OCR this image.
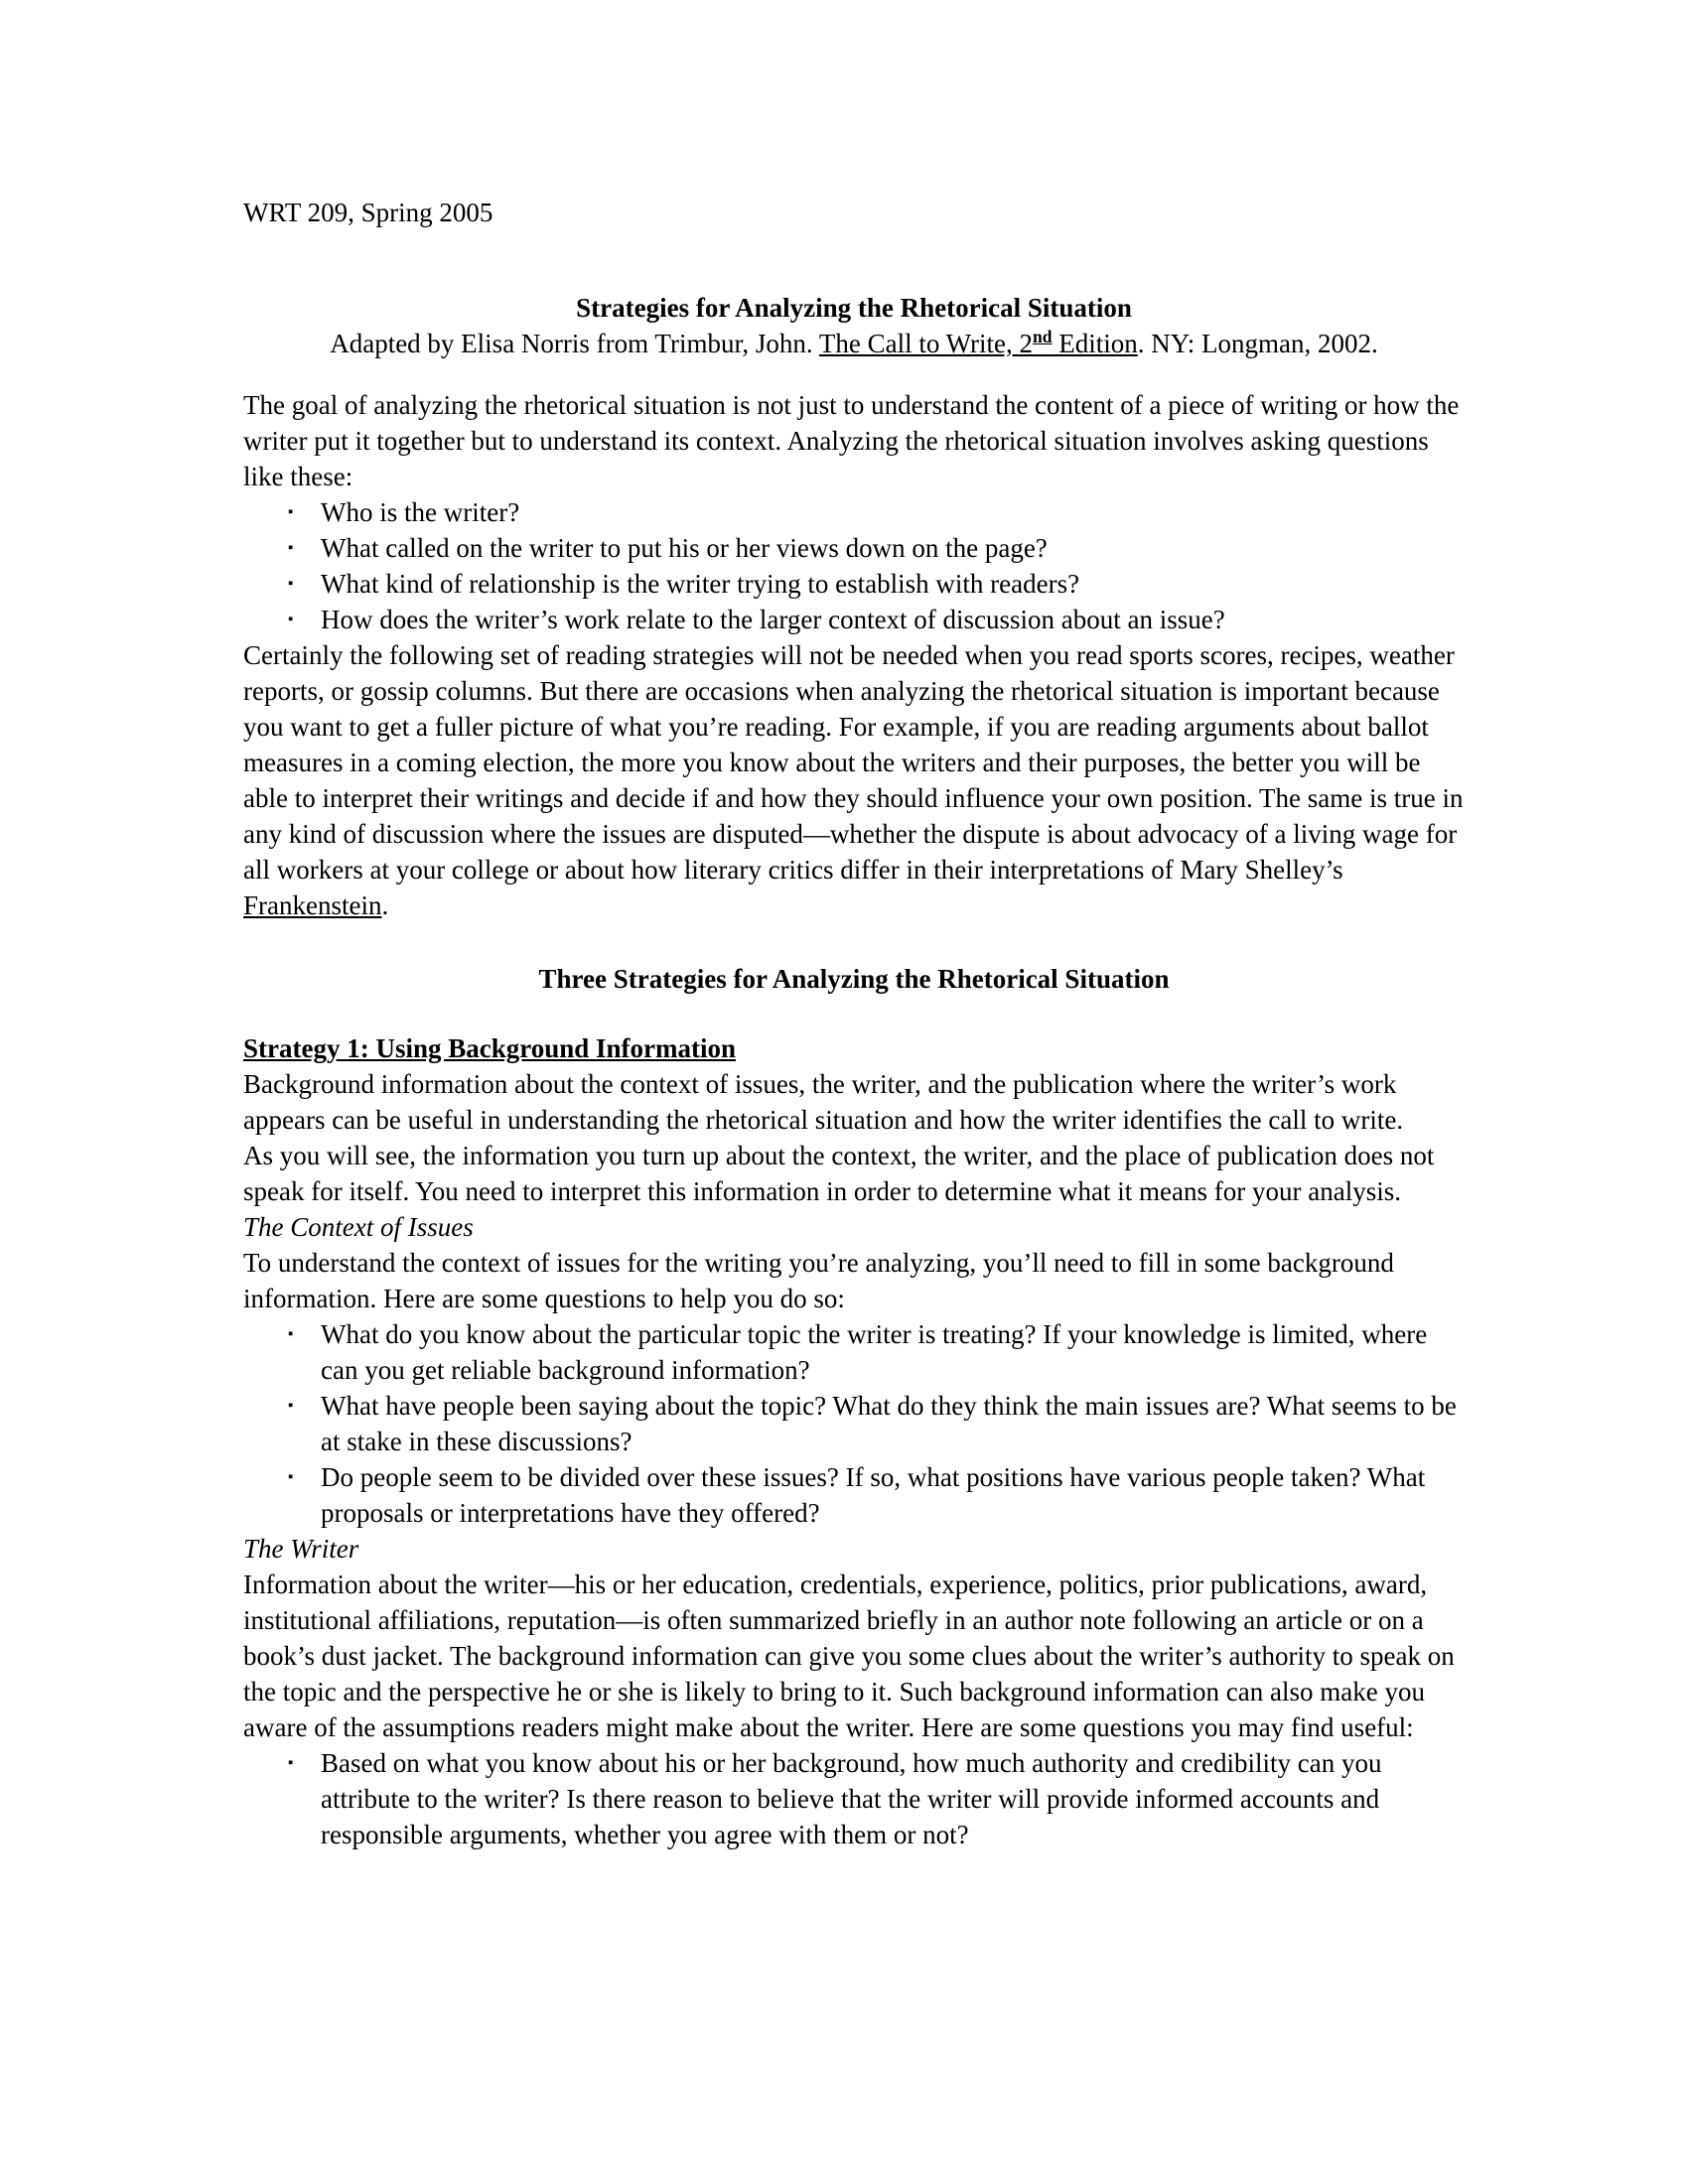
WRT 209, Spring 2005
Strategies for Analyzing the Rhetorical Situation
Adapted by Elisa Norris from Trimbur, John. The Call to Write, 2nd Edition. NY: Longman, 2002.

The goal of analyzing the rhetorical situation is not just to understand the content of a piece of writing or how the writer put it together but to understand its context. Analyzing the rhetorical situation involves asking questions like these:

▪	Who is the writer?
▪	What called on the writer to put his or her views down on the page?
▪	What kind of relationship is the writer trying to establish with readers?
▪	How does the writer’s work relate to the larger context of discussion about an issue?

Certainly the following set of reading strategies will not be needed when you read sports scores, recipes, weather reports, or gossip columns. But there are occasions when analyzing the rhetorical situation is important because you want to get a fuller picture of what you’re reading. For example, if you are reading arguments about ballot measures in a coming election, the more you know about the writers and their purposes, the better you will be able to interpret their writings and decide if and how they should influence your own position. The same is true in any kind of discussion where the issues are disputed—whether the dispute is about advocacy of a living wage for all workers at your college or about how literary critics differ in their interpretations of Mary Shelley’s Frankenstein.

Three Strategies for Analyzing the Rhetorical Situation
Strategy 1: Using Background Information

Background information about the context of issues, the writer, and the publication where the writer’s work appears can be useful in understanding the rhetorical situation and how the writer identifies the call to write.

As you will see, the information you turn up about the context, the writer, and the place of publication does not speak for itself. You need to interpret this information in order to determine what it means for your analysis.

The Context of Issues

To understand the context of issues for the writing you’re analyzing, you’ll need to fill in some background information. Here are some questions to help you do so:

▪	What do you know about the particular topic the writer is treating? If your knowledge is limited, where can you get reliable background information?
▪	What have people been saying about the topic? What do they think the main issues are? What seems to be at stake in these discussions?
▪	Do people seem to be divided over these issues? If so, what positions have various people taken? What proposals or interpretations have they offered?
The Writer

Information about the writer—his or her education, credentials, experience, politics, prior publications, award, institutional affiliations, reputation—is often summarized briefly in an author note following an article or on a book’s dust jacket. The background information can give you some clues about the writer’s authority to speak on the topic and the perspective he or she is likely to bring to it. Such background information can also make you aware of the assumptions readers might make about the writer. Here are some questions you may find useful:

▪	Based on what you know about his or her background, how much authority and credibility can you attribute to the writer? Is there reason to believe that the writer will provide informed accounts and responsible arguments, whether you agree with them or not?
